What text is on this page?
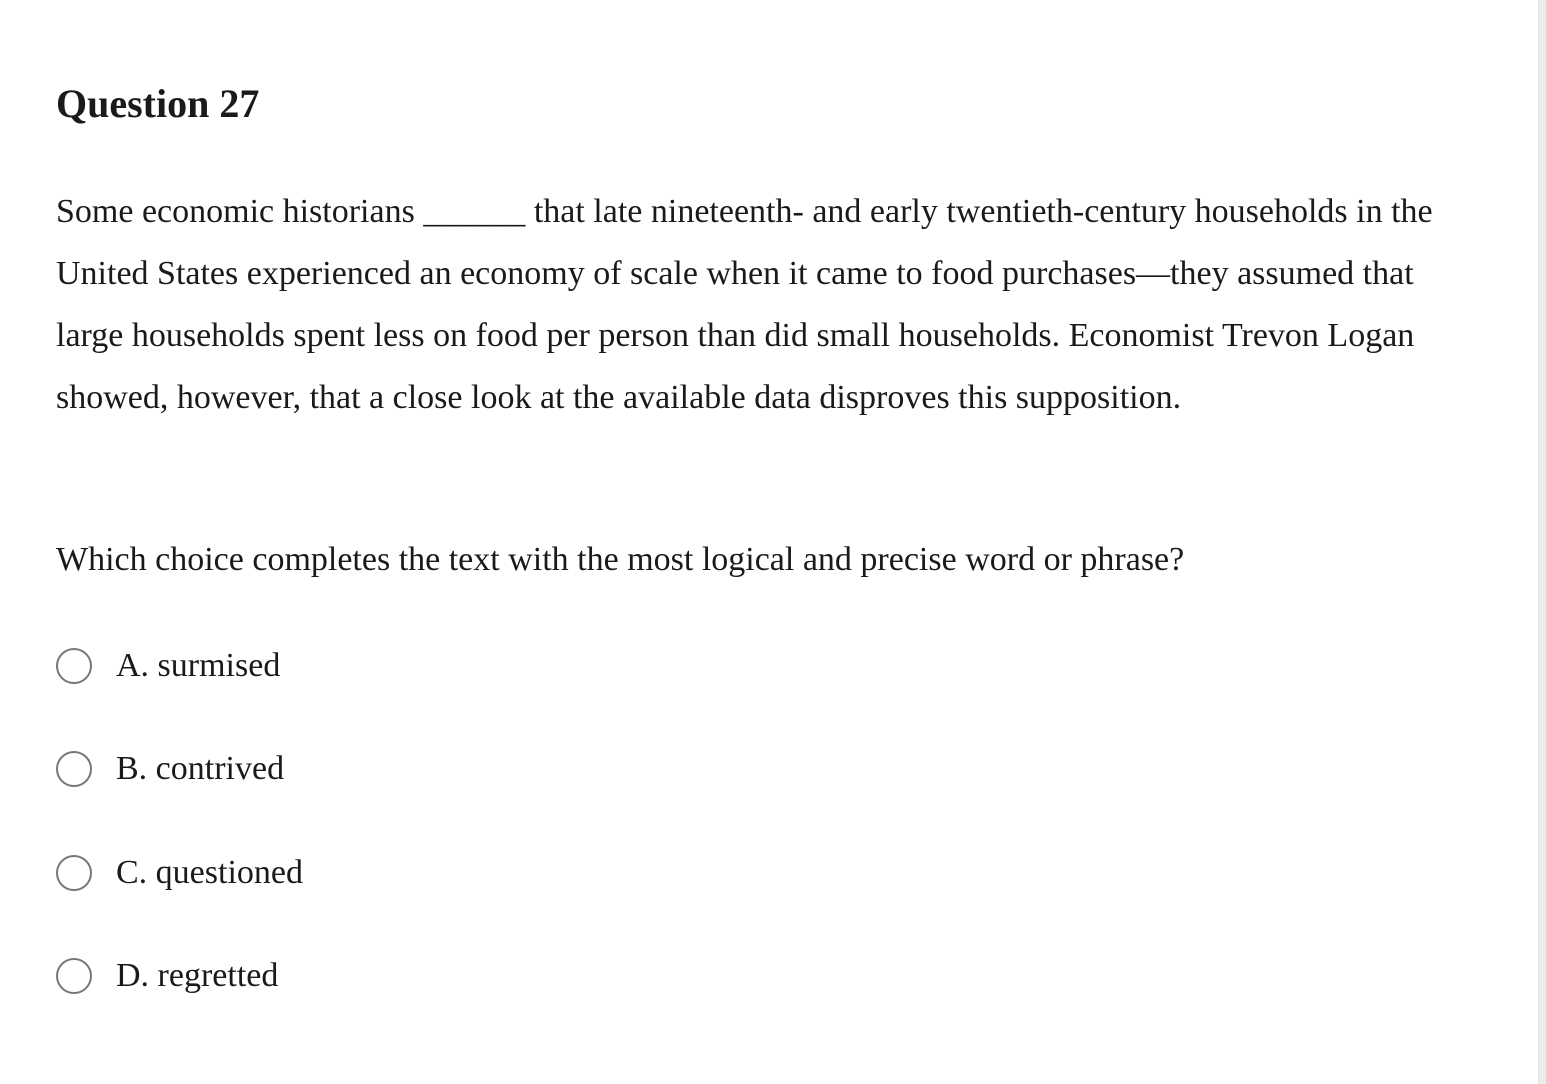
Question 27

Some economic historians ______ that late nineteenth- and early twentieth-century households in the United States experienced an economy of scale when it came to food purchases—they assumed that large households spent less on food per person than did small households. Economist Trevon Logan showed, however, that a close look at the available data disproves this supposition.

Which choice completes the text with the most logical and precise word or phrase?

A. surmised
B. contrived
C. questioned
D. regretted
